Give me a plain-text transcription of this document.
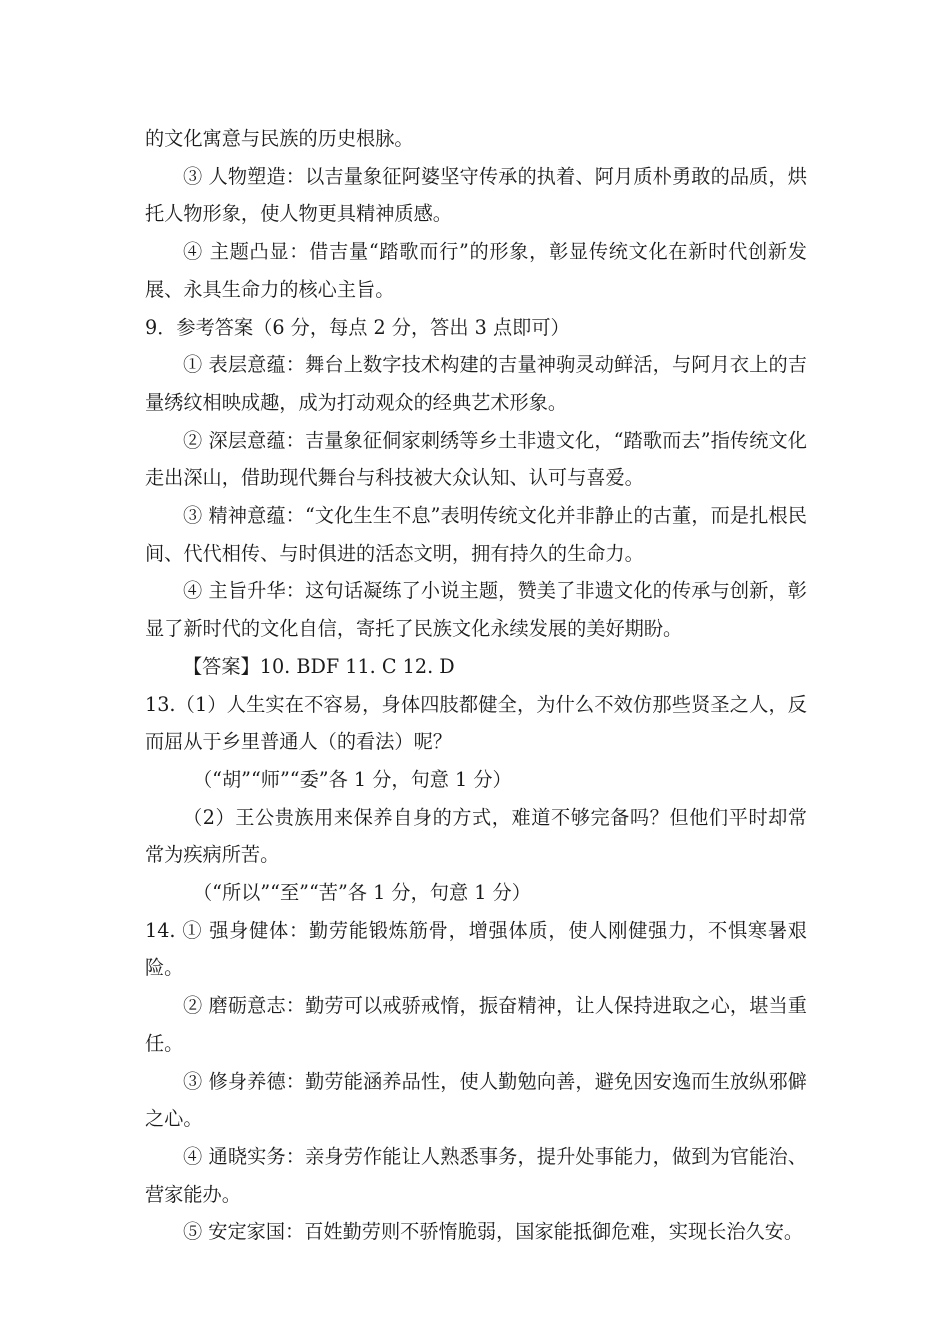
的文化寓意与民族的历史根脉。

③ 人物塑造：以吉量象征阿婆坚守传承的执着、阿月质朴勇敢的品质，烘托人物形象，使人物更具精神质感。

④ 主题凸显：借吉量“踏歌而行”的形象，彰显传统文化在新时代创新发展、永具生命力的核心主旨。

9．参考答案（6 分，每点 2 分，答出 3 点即可）

① 表层意蕴：舞台上数字技术构建的吉量神驹灵动鲜活，与阿月衣上的吉量绣纹相映成趣，成为打动观众的经典艺术形象。

② 深层意蕴：吉量象征侗家刺绣等乡土非遗文化，“踏歌而去”指传统文化走出深山，借助现代舞台与科技被大众认知、认可与喜爱。

③ 精神意蕴：“文化生生不息”表明传统文化并非静止的古董，而是扎根民间、代代相传、与时俱进的活态文明，拥有持久的生命力。

④ 主旨升华：这句话凝练了小说主题，赞美了非遗文化的传承与创新，彰显了新时代的文化自信，寄托了民族文化永续发展的美好期盼。

【答案】10. BDF 11. C 12. D

13.（1）人生实在不容易，身体四肢都健全，为什么不效仿那些贤圣之人，反而屈从于乡里普通人（的看法）呢？

（“胡”“师”“委”各 1 分，句意 1 分）

（2）王公贵族用来保养自身的方式，难道不够完备吗？但他们平时却常常为疾病所苦。

（“所以”“至”“苦”各 1 分，句意 1 分）

14. ① 强身健体：勤劳能锻炼筋骨，增强体质，使人刚健强力，不惧寒暑艰险。

② 磨砺意志：勤劳可以戒骄戒惰，振奋精神，让人保持进取之心，堪当重任。

③ 修身养德：勤劳能涵养品性，使人勤勉向善，避免因安逸而生放纵邪僻之心。

④ 通晓实务：亲身劳作能让人熟悉事务，提升处事能力，做到为官能治、营家能办。

⑤ 安定家国：百姓勤劳则不骄惰脆弱，国家能抵御危难，实现长治久安。
